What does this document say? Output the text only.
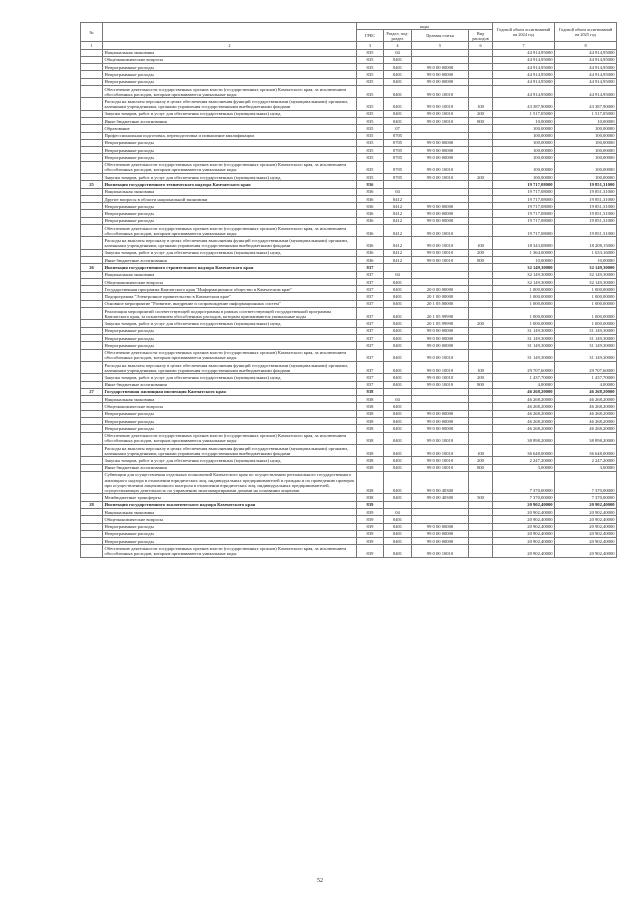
№		коды				Годовой объем ассигнований на 2024 год	Годовой объем ассигнований на 2025 год
		ГРБС	Раздел, под-раздел	Целевая статья	Вид расходов		
1	2	3	4	5	6	7	8
	Национальная экономика	835	04			44 914,95000	44 914,95000
	Общеэкономические вопросы	835	0401			44 914,95000	44 914,95000
	Непрограммные расходы	835	0401	99 0 00 00000		44 914,95000	44 914,95000
	Непрограммные расходы	835	0401	99 0 00 00000		44 914,95000	44 914,95000
	Непрограммные расходы	835	0401	99 0 00 00000		44 914,95000	44 914,95000
	Обеспечение деятельности государственных органов власти (государственных органов) Камчатского края, за исключением обособленных расходов, которым присваиваются уникальные коды	835	0401	99 0 00 10010		44 914,95000	44 914,95000
	Расходы на выплаты персоналу в целях обеспечения выполнения функций государственными (муниципальными) органами, казенными учреждениями, органами управления государственными внебюджетными фондами	835	0401	99 0 00 10010	100	43 387,90000	43 387,90000
	Закупка товаров, работ и услуг для обеспечения государственных (муниципальных) нужд	835	0401	99 0 00 10010	200	1 517,05000	1 517,05000
	Иные бюджетные ассигнования	835	0401	99 0 00 10010	800	10,00000	10,00000
	Образование	835	07			100,00000	100,00000
	Профессиональная подготовка, переподготовка и повышение квалификации	835	0705			100,00000	100,00000
	Непрограммные расходы	835	0705	99 0 00 00000		100,00000	100,00000
	Непрограммные расходы	835	0705	99 0 00 00000		100,00000	100,00000
	Непрограммные расходы	835	0705	99 0 00 00000		100,00000	100,00000
	Обеспечение деятельности государственных органов власти (государственных органов) Камчатского края, за исключением обособленных расходов, которым присваиваются уникальные коды	835	0705	99 0 00 10010		100,00000	100,00000
	Закупка товаров, работ и услуг для обеспечения государственных (муниципальных) нужд	835	0705	99 0 00 10010	200	100,00000	100,00000
25	Инспекция государственного технического надзора Камчатского края	836				19 717,08000	19 851,31000
	Национальная экономика	836	04			19 717,08000	19 851,31000
	Другие вопросы в области национальной экономики	836	0412			19 717,08000	19 851,31000
	Непрограммные расходы	836	0412	99 0 00 00000		19 717,08000	19 851,31000
	Непрограммные расходы	836	0412	99 0 00 00000		19 717,08000	19 851,31000
	Непрограммные расходы	836	0412	99 0 00 00000		19 717,08000	19 851,31000
	Обеспечение деятельности государственных органов власти (государственных органов) Камчатского края, за исключением обособленных расходов, которым присваиваются уникальные коды	836	0412	99 0 00 10010		19 717,08000	19 851,31000
	Расходы на выплаты персоналу в целях обеспечения выполнения функций государственными (муниципальными) органами, казенными учреждениями, органами управления государственными внебюджетными фондами	836	0412	99 0 00 10010	100	18 343,08000	18 208,15000
	Закупка товаров, работ и услуг для обеспечения государственных (муниципальных) нужд	836	0412	99 0 00 10010	200	1 364,00000	1 633,16000
	Иные бюджетные ассигнования	836	0412	99 0 00 10010	800	10,00000	10,00000
26	Инспекция государственного строительного надзора Камчатского края	837				32 149,30000	32 149,30000
	Национальная экономика	837	04			32 149,30000	32 149,30000
	Общеэкономические вопросы	837	0401			32 149,30000	32 149,30000
	Государственная программа Камчатского края "Информационное общество в Камчатском крае"	837	0401	20 0 00 00000		1 000,00000	1 000,00000
	Подпрограмма "Электронное правительство в Камчатском крае"	837	0401	20 1 00 00000		1 000,00000	1 000,00000
	Основное мероприятие "Развитие, внедрение и сопровождение информационных систем"	837	0401	20 1 05 00000		1 000,00000	1 000,00000
	Реализация мероприятий соответствующей подпрограммы в рамках соответствующей государственной программы Камчатского края, за исключением обособленных расходов, которым присваиваются уникальные коды	837	0401	20 1 05 99990		1 000,00000	1 000,00000
	Закупка товаров, работ и услуг для обеспечения государственных (муниципальных) нужд	837	0401	20 1 05 99990	200	1 000,00000	1 000,00000
	Непрограммные расходы	837	0401	99 0 00 00000		31 149,30000	31 149,30000
	Непрограммные расходы	837	0401	99 0 00 00000		31 149,30000	31 149,30000
	Непрограммные расходы	837	0401	99 0 00 00000		31 149,30000	31 149,30000
	Обеспечение деятельности государственных органов власти (государственных органов) Камчатского края, за исключением обособленных расходов, которым присваиваются уникальные коды	837	0401	99 0 00 10010		31 149,30000	31 149,30000
	Расходы на выплаты персоналу в целях обеспечения выполнения функций государственными (муниципальными) органами, казенными учреждениями, органами управления государственными внебюджетными фондами	837	0401	99 0 00 10010	100	29 707,60000	29 707,60000
	Закупка товаров, работ и услуг для обеспечения государственных (муниципальных) нужд	837	0401	99 0 00 10010	200	1 437,70000	1 437,70000
	Иные бюджетные ассигнования	837	0401	99 0 00 10010	800	4,00000	4,00000
27	Государственная жилищная инспекция Камчатского края	838				46 268,20000	46 268,20000
	Национальная экономика	838	04			46 268,20000	46 268,20000
	Общеэкономические вопросы	838	0401			46 268,20000	46 268,20000
	Непрограммные расходы	838	0401	99 0 00 00000		46 268,20000	46 268,20000
	Непрограммные расходы	838	0401	99 0 00 00000		46 268,20000	46 268,20000
	Непрограммные расходы	838	0401	99 0 00 00000		46 268,20000	46 268,20000
	Обеспечение деятельности государственных органов власти (государственных органов) Камчатского края, за исключением обособленных расходов, которым присваиваются уникальные коды	838	0401	99 0 00 10010		38 898,20000	38 898,20000
	Расходы на выплаты персоналу в целях обеспечения выполнения функций государственными (муниципальными) органами, казенными учреждениями, органами управления государственными внебюджетными фондами	838	0401	99 0 00 10010	100	36 648,00000	36 648,00000
	Закупка товаров, работ и услуг для обеспечения государственных (муниципальных) нужд	838	0401	99 0 00 10010	200	2 247,20000	2 247,20000
	Иные бюджетные ассигнования	838	0401	99 0 00 10010	800	3,00000	3,00000
	Субвенции для осуществления отдельных полномочий Камчатского края по осуществлению регионального государственного жилищного надзора в отношении юридических лиц, индивидуальных предпринимателей и граждан и по проведению проверок при осуществлении лицензионного контроля в отношении юридических лиц, индивидуальных предпринимателей, осуществляющих деятельность по управлению многоквартирными домами на основании лицензии	838	0401	99 0 00 40300		7 370,00000	7 370,00000
	Межбюджетные трансферты	838	0401	99 0 00 40300	500	7 370,00000	7 370,00000
28	Инспекция государственного экологического надзора Камчатского края	839				20 902,40000	20 902,40000
	Национальная экономика	839	04			20 902,40000	20 902,40000
	Общеэкономические вопросы	839	0401			20 902,40000	20 902,40000
	Непрограммные расходы	839	0401	99 0 00 00000		20 902,40000	20 902,40000
	Непрограммные расходы	839	0401	99 0 00 00000		20 902,40000	20 902,40000
	Непрограммные расходы	839	0401	99 0 00 00000		20 902,40000	20 902,40000
	Обеспечение деятельности государственных органов власти (государственных органов) Камчатского края, за исключением обособленных расходов, которым присваиваются уникальные коды	839	0401	99 0 00 10010		20 902,40000	20 902,40000
52
